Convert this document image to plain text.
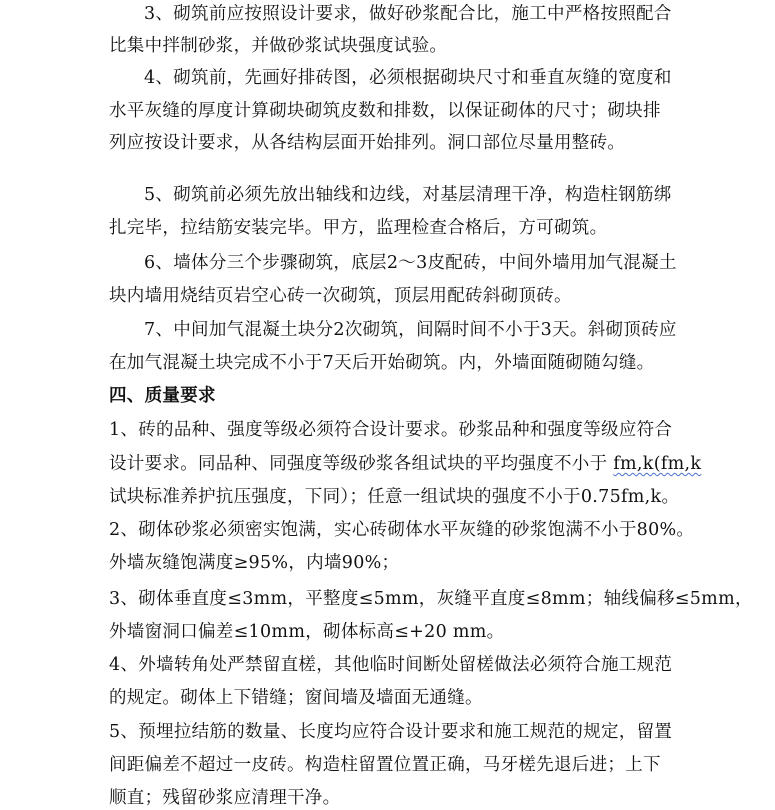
3、砌筑前应按照设计要求，做好砂浆配合比，施工中严格按照配合
比集中拌制砂浆，并做砂浆试块强度试验。
4、砌筑前，先画好排砖图，必须根据砌块尺寸和垂直灰缝的宽度和
水平灰缝的厚度计算砌块砌筑皮数和排数，以保证砌体的尺寸；砌块排
列应按设计要求，从各结构层面开始排列。洞口部位尽量用整砖。
5、砌筑前必须先放出轴线和边线，对基层清理干净，构造柱钢筋绑
扎完毕，拉结筋安装完毕。甲方，监理检查合格后，方可砌筑。
6、墙体分三个步骤砌筑，底层2～3皮配砖，中间外墙用加气混凝土
块内墙用烧结页岩空心砖一次砌筑，顶层用配砖斜砌顶砖。
7、中间加气混凝土块分2次砌筑，间隔时间不小于3天。斜砌顶砖应
在加气混凝土块完成不小于7天后开始砌筑。内，外墙面随砌随勾缝。
四、质量要求
1、砖的品种、强度等级必须符合设计要求。砂浆品种和强度等级应符合
设计要求。同品种、同强度等级砂浆各组试块的平均强度不小于 fm,k(fm,k
试块标准养护抗压强度，下同）；任意一组试块的强度不小于0.75fm,k。
2、砌体砂浆必须密实饱满，实心砖砌体水平灰缝的砂浆饱满不小于80%。
外墙灰缝饱满度≥95%，内墙90%；
3、砌体垂直度≤3mm，平整度≤5mm，灰缝平直度≤8mm；轴线偏移≤5mm，
外墙窗洞口偏差≤10mm，砌体标高≤+20 mm。
4、外墙转角处严禁留直槎，其他临时间断处留槎做法必须符合施工规范
的规定。砌体上下错缝；窗间墙及墙面无通缝。
5、预埋拉结筋的数量、长度均应符合设计要求和施工规范的规定，留置
间距偏差不超过一皮砖。构造柱留置位置正确，马牙槎先退后进；上下
顺直；残留砂浆应清理干净。
